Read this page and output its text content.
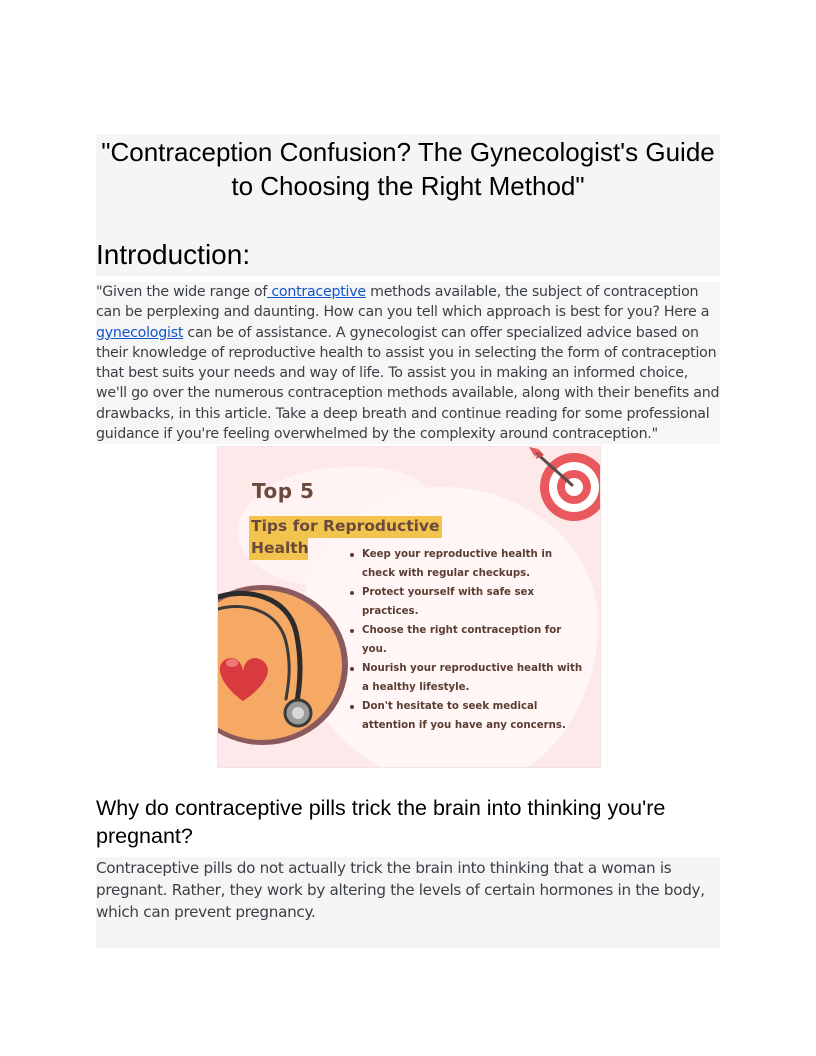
"Contraception Confusion? The Gynecologist's Guide to Choosing the Right Method"
Introduction:

"Given the wide range of contraceptive methods available, the subject of contraception can be perplexing and daunting. How can you tell which approach is best for you? Here a gynecologist can be of assistance. A gynecologist can offer specialized advice based on their knowledge of reproductive health to assist you in selecting the form of contraception that best suits your needs and way of life. To assist you in making an informed choice, we'll go over the numerous contraception methods available, along with their benefits and drawbacks, in this article. Take a deep breath and continue reading for some professional guidance if you're feeling overwhelmed by the complexity around contraception."

Top 5
Tips for Reproductive
Health	Keep your reproductive health in check with regular checkups.
Protect yourself with safe sex practices.
Choose the right contraception for you.
Nourish your reproductive health with a healthy lifestyle.
Don't hesitate to seek medical attention if you have any concerns.
Why do contraceptive pills trick the brain into thinking you're pregnant?

Contraceptive pills do not actually trick the brain into thinking that a woman is pregnant. Rather, they work by altering the levels of certain hormones in the body, which can prevent pregnancy.
